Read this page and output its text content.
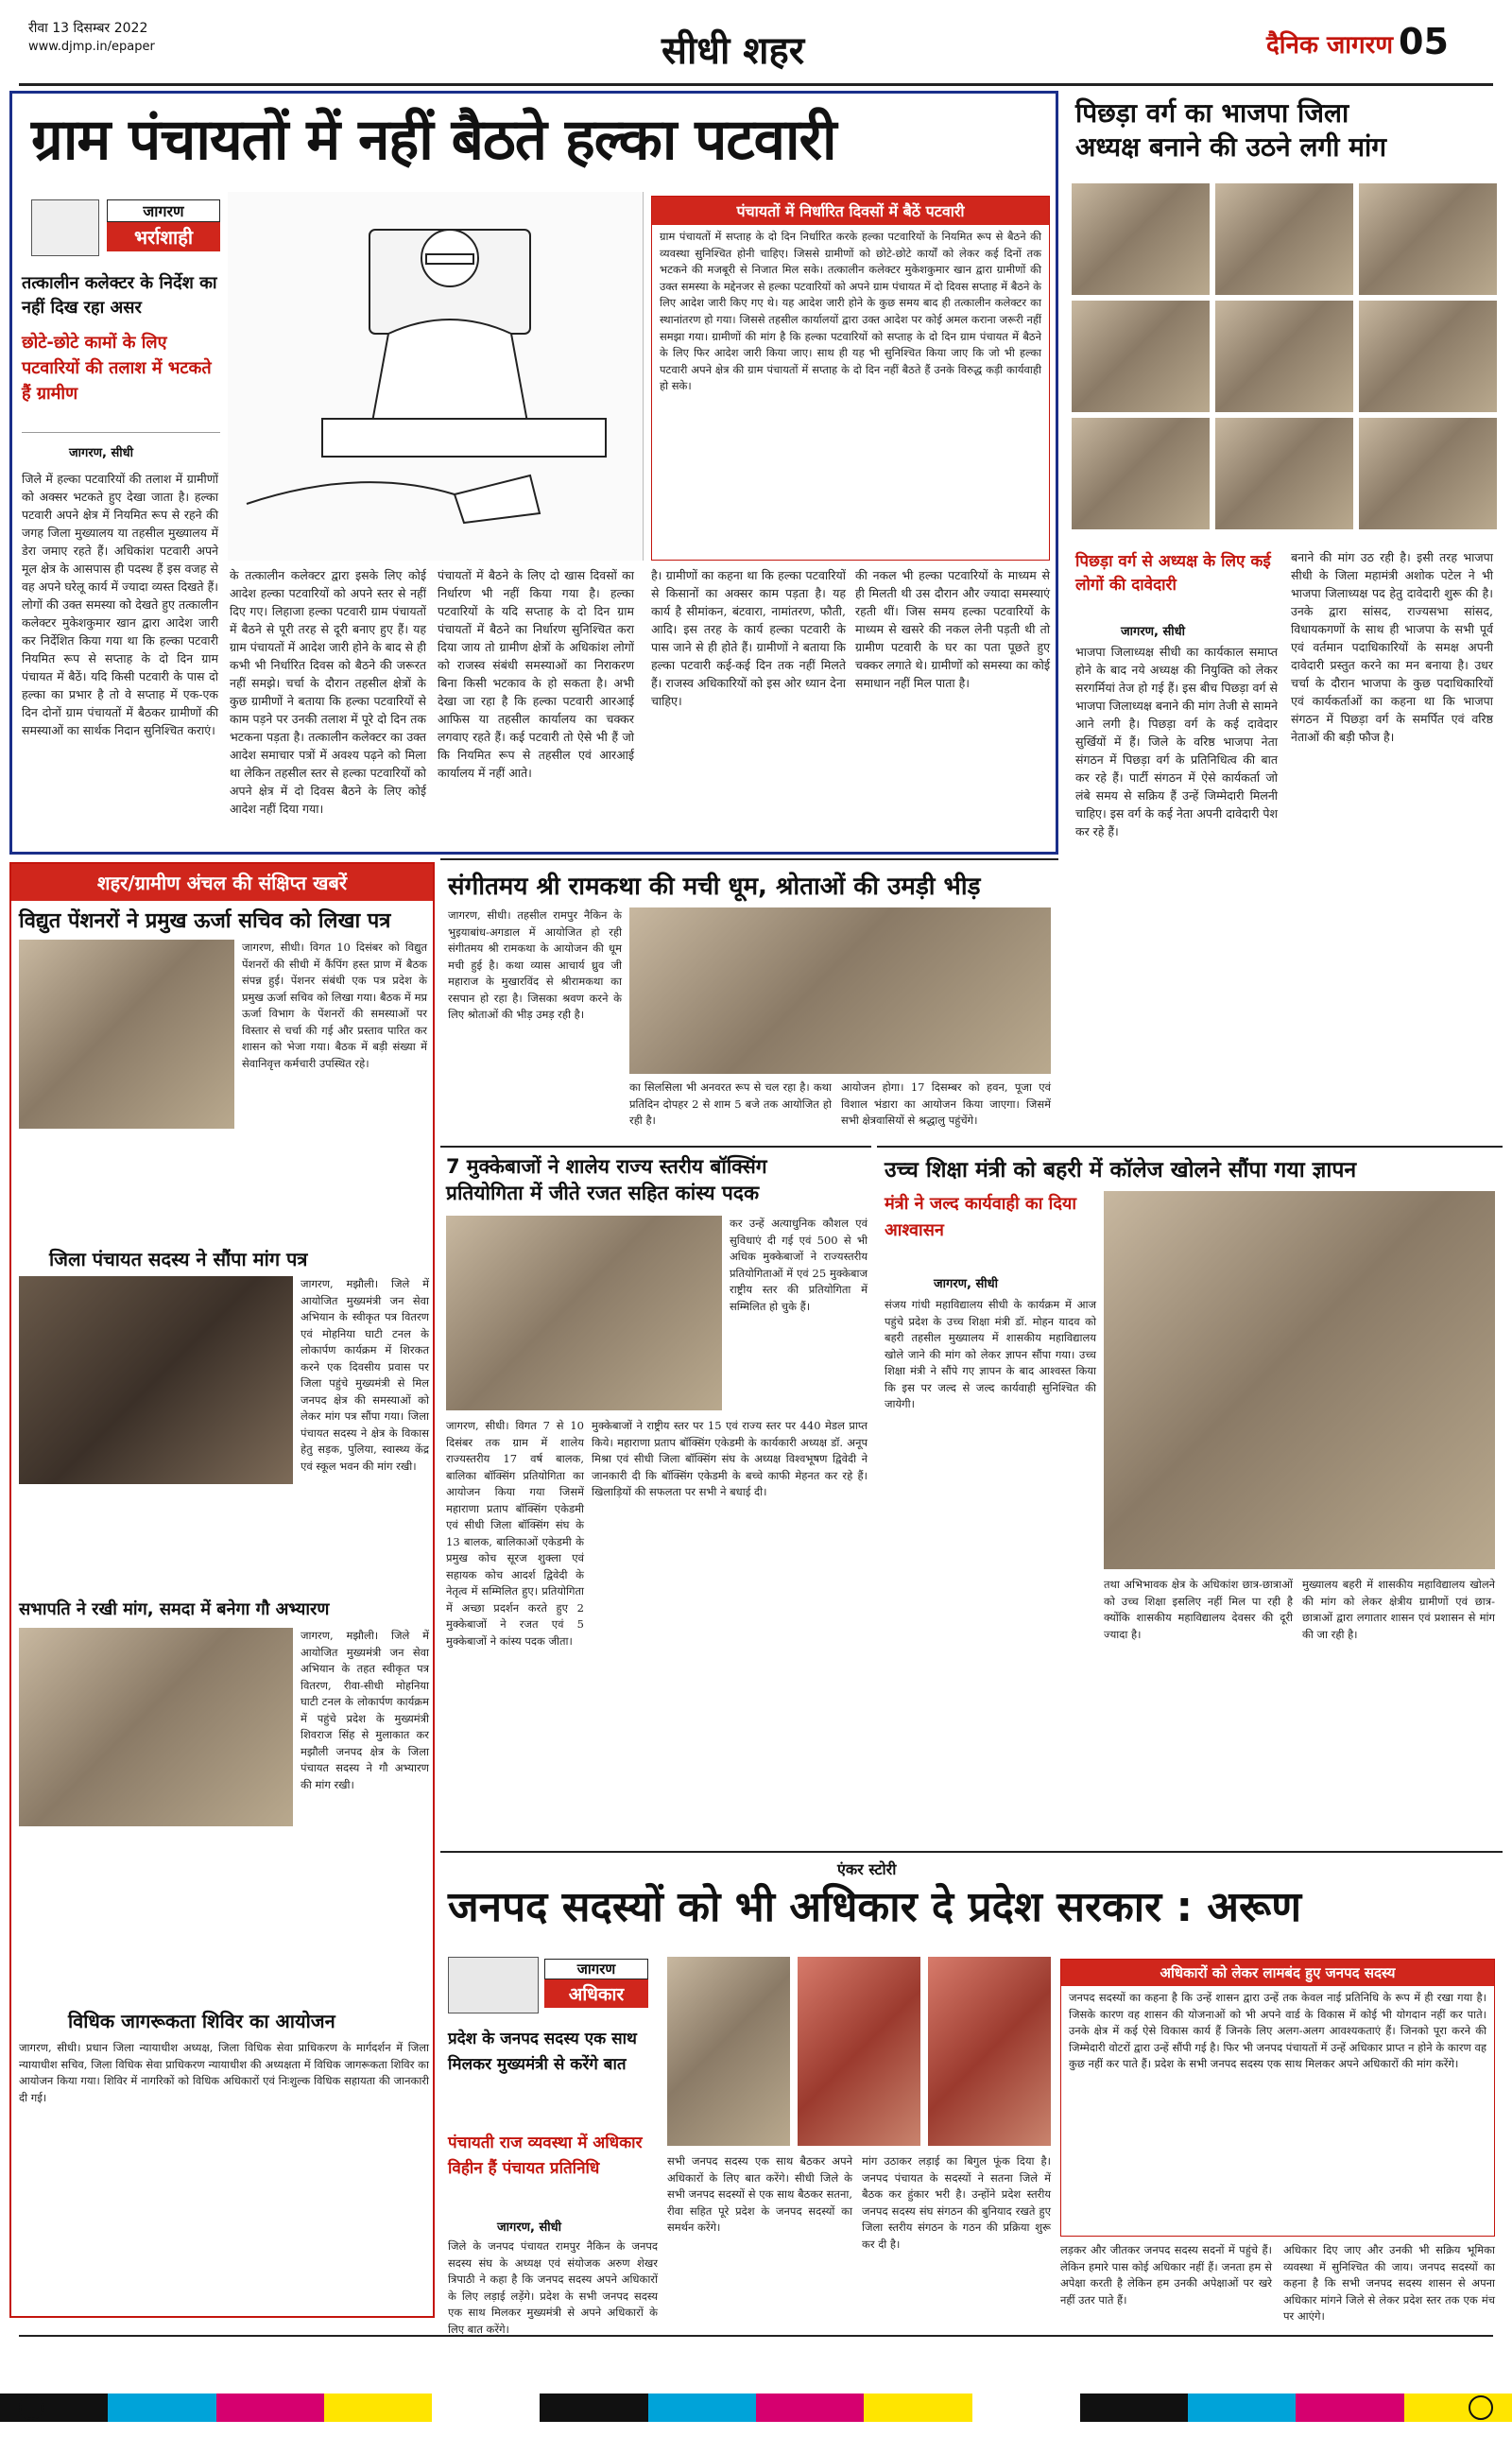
रीवा 13 दिसम्बर 2022
www.djmp.in/epaper	सीधी शहर	दैनिक जागरण 05
ग्राम पंचायतों में नहीं बैठते हल्का पटवारी
जागरण
भर्राशाही
तत्कालीन कलेक्टर के निर्देश का नहीं दिख रहा असर
छोटे-छोटे कामों के लिए पटवारियों की तलाश में भटकते हैं ग्रामीण
जागरण, सीधी
पंचायतों में निर्धारित दिवसों में बैठें पटवारी
ग्राम पंचायतों में सप्ताह के दो दिन निर्धारित करके हल्का पटवारियों के नियमित रूप से बैठने की व्यवस्था सुनिश्चित होनी चाहिए। जिससे ग्रामीणों को छोटे-छोटे कार्यों को लेकर कई दिनों तक भटकने की मजबूरी से निजात मिल सके। तत्कालीन कलेक्टर मुकेशकुमार खान द्वारा ग्रामीणों की उक्त समस्या के मद्देनजर से हल्का पटवारियों को अपने ग्राम पंचायत में दो दिवस सप्ताह में बैठने के लिए आदेश जारी किए गए थे। यह आदेश जारी होने के कुछ समय बाद ही तत्कालीन कलेक्टर का स्थानांतरण हो गया। जिससे तहसील कार्यालयों द्वारा उक्त आदेश पर कोई अमल कराना जरूरी नहीं समझा गया। ग्रामीणों की मांग है कि हल्का पटवारियों को सप्ताह के दो दिन ग्राम पंचायत में बैठने के लिए फिर आदेश जारी किया जाए। साथ ही यह भी सुनिश्चित किया जाए कि जो भी हल्का पटवारी अपने क्षेत्र की ग्राम पंचायतों में सप्ताह के दो दिन नहीं बैठते हैं उनके विरुद्ध कड़ी कार्यवाही हो सके।
जिले में हल्का पटवारियों की तलाश में ग्रामीणों को अक्सर भटकते हुए देखा जाता है। हल्का पटवारी अपने क्षेत्र में नियमित रूप से रहने की जगह जिला मुख्यालय या तहसील मुख्यालय में डेरा जमाए रहते हैं। अधिकांश पटवारी अपने मूल क्षेत्र के आसपास ही पदस्थ हैं इस वजह से वह अपने घरेलू कार्य में ज्यादा व्यस्त दिखते हैं। लोगों की उक्त समस्या को देखते हुए तत्कालीन कलेक्टर मुकेशकुमार खान द्वारा आदेश जारी कर निर्देशित किया गया था कि हल्का पटवारी नियमित रूप से सप्ताह के दो दिन ग्राम पंचायत में बैठें। यदि किसी पटवारी के पास दो हल्का का प्रभार है तो वे सप्ताह में एक-एक दिन दोनों ग्राम पंचायतों में बैठकर ग्रामीणों की समस्याओं का सार्थक निदान सुनिश्चित कराएं।
के तत्कालीन कलेक्टर द्वारा इसके लिए कोई आदेश हल्का पटवारियों को अपने स्तर से नहीं दिए गए। लिहाजा हल्का पटवारी ग्राम पंचायतों में बैठने से पूरी तरह से दूरी बनाए हुए हैं। यह ग्राम पंचायतों में आदेश जारी होने के बाद से ही कभी भी निर्धारित दिवस को बैठने की जरूरत नहीं समझे। चर्चा के दौरान तहसील क्षेत्रों के कुछ ग्रामीणों ने बताया कि हल्का पटवारियों से काम पड़ने पर उनकी तलाश में पूरे दो दिन तक भटकना पड़ता है। तत्कालीन कलेक्टर का उक्त आदेश समाचार पत्रों में अवश्य पढ़ने को मिला था लेकिन तहसील स्तर से हल्का पटवारियों को अपने क्षेत्र में दो दिवस बैठने के लिए कोई आदेश नहीं दिया गया।
पंचायतों में बैठने के लिए दो खास दिवसों का निर्धारण भी नहीं किया गया है। हल्का पटवारियों के यदि सप्ताह के दो दिन ग्राम पंचायतों में बैठने का निर्धारण सुनिश्चित करा दिया जाय तो ग्रामीण क्षेत्रों के अधिकांश लोगों को राजस्व संबंधी समस्याओं का निराकरण बिना किसी भटकाव के हो सकता है। अभी देखा जा रहा है कि हल्का पटवारी आरआई आफिस या तहसील कार्यालय का चक्कर लगवाए रहते हैं। कई पटवारी तो ऐसे भी हैं जो कि नियमित रूप से तहसील एवं आरआई कार्यालय में नहीं आते।
है। ग्रामीणों का कहना था कि हल्का पटवारियों से किसानों का अक्सर काम पड़ता है। यह कार्य है सीमांकन, बंटवारा, नामांतरण, फौती, आदि। इस तरह के कार्य हल्का पटवारी के पास जाने से ही होते हैं। ग्रामीणों ने बताया कि हल्का पटवारी कई-कई दिन तक नहीं मिलते हैं। राजस्व अधिकारियों को इस ओर ध्यान देना चाहिए।
की नकल भी हल्का पटवारियों के माध्यम से ही मिलती थी उस दौरान और ज्यादा समस्याएं रहती थीं। जिस समय हल्का पटवारियों के माध्यम से खसरे की नकल लेनी पड़ती थी तो ग्रामीण पटवारी के घर का पता पूछते हुए चक्कर लगाते थे। ग्रामीणों को समस्या का कोई समाधान नहीं मिल पाता है।
पिछड़ा वर्ग का भाजपा जिला
अध्यक्ष बनाने की उठने लगी मांग
पिछड़ा वर्ग से अध्यक्ष के लिए कई लोगों की दावेदारी
जागरण, सीधी
भाजपा जिलाध्यक्ष सीधी का कार्यकाल समाप्त होने के बाद नये अध्यक्ष की नियुक्ति को लेकर सरगर्मियां तेज हो गई हैं। इस बीच पिछड़ा वर्ग से भाजपा जिलाध्यक्ष बनाने की मांग तेजी से सामने आने लगी है। पिछड़ा वर्ग के कई दावेदार सुर्खियों में हैं। जिले के वरिष्ठ भाजपा नेता संगठन में पिछड़ा वर्ग के प्रतिनिधित्व की बात कर रहे हैं। पार्टी संगठन में ऐसे कार्यकर्ता जो लंबे समय से सक्रिय हैं उन्हें जिम्मेदारी मिलनी चाहिए। इस वर्ग के कई नेता अपनी दावेदारी पेश कर रहे हैं।
बनाने की मांग उठ रही है। इसी तरह भाजपा सीधी के जिला महामंत्री अशोक पटेल ने भी भाजपा जिलाध्यक्ष पद हेतु दावेदारी शुरू की है। उनके द्वारा सांसद, राज्यसभा सांसद, विधायकगणों के साथ ही भाजपा के सभी पूर्व एवं वर्तमान पदाधिकारियों के समक्ष अपनी दावेदारी प्रस्तुत करने का मन बनाया है। उधर चर्चा के दौरान भाजपा के कुछ पदाधिकारियों एवं कार्यकर्ताओं का कहना था कि भाजपा संगठन में पिछड़ा वर्ग के समर्पित एवं वरिष्ठ नेताओं की बड़ी फौज है।
शहर/ग्रामीण अंचल की संक्षिप्त खबरें
विद्युत पेंशनरों ने प्रमुख ऊर्जा सचिव को लिखा पत्र
जागरण, सीधी। विगत 10 दिसंबर को विद्युत पेंशनरों की सीधी में कैंपिंग हस्त प्राण में बैठक संपन्न हुई। पेंशनर संबंधी एक पत्र प्रदेश के प्रमुख ऊर्जा सचिव को लिखा गया। बैठक में मप्र ऊर्जा विभाग के पेंशनरों की समस्याओं पर विस्तार से चर्चा की गई और प्रस्ताव पारित कर शासन को भेजा गया। बैठक में बड़ी संख्या में सेवानिवृत्त कर्मचारी उपस्थित रहे।
जिला पंचायत सदस्य ने सौंपा मांग पत्र
जागरण, मझौली। जिले में आयोजित मुख्यमंत्री जन सेवा अभियान के स्वीकृत पत्र वितरण एवं मोहनिया घाटी टनल के लोकार्पण कार्यक्रम में शिरकत करने एक दिवसीय प्रवास पर जिला पहुंचे मुख्यमंत्री से मिल जनपद क्षेत्र की समस्याओं को लेकर मांग पत्र सौंपा गया। जिला पंचायत सदस्य ने क्षेत्र के विकास हेतु सड़क, पुलिया, स्वास्थ्य केंद्र एवं स्कूल भवन की मांग रखी।
सभापति ने रखी मांग, समदा में बनेगा गौ अभ्यारण
जागरण, मझौली। जिले में आयोजित मुख्यमंत्री जन सेवा अभियान के तहत स्वीकृत पत्र वितरण, रीवा-सीधी मोहनिया घाटी टनल के लोकार्पण कार्यक्रम में पहुंचे प्रदेश के मुख्यमंत्री शिवराज सिंह से मुलाकात कर मझौली जनपद क्षेत्र के जिला पंचायत सदस्य ने गौ अभ्यारण की मांग रखी।
विधिक जागरूकता शिविर का आयोजन
जागरण, सीधी। प्रधान जिला न्यायाधीश अध्यक्ष, जिला विधिक सेवा प्राधिकरण के मार्गदर्शन में जिला न्यायाधीश सचिव, जिला विधिक सेवा प्राधिकरण न्यायाधीश की अध्यक्षता में विधिक जागरूकता शिविर का आयोजन किया गया। शिविर में नागरिकों को विधिक अधिकारों एवं निःशुल्क विधिक सहायता की जानकारी दी गई।
संगीतमय श्री रामकथा की मची धूम, श्रोताओं की उमड़ी भीड़
जागरण, सीधी। तहसील रामपुर नैकिन के भुइयाबांध-अगडाल में आयोजित हो रही संगीतमय श्री रामकथा के आयोजन की धूम मची हुई है। कथा व्यास आचार्य ध्रुव जी महाराज के मुखारविंद से श्रीरामकथा का रसपान हो रहा है। जिसका श्रवण करने के लिए श्रोताओं की भीड़ उमड़ रही है।
का सिलसिला भी अनवरत रूप से चल रहा है। कथा प्रतिदिन दोपहर 2 से शाम 5 बजे तक आयोजित हो रही है।
आयोजन होगा। 17 दिसम्बर को हवन, पूजा एवं विशाल भंडारा का आयोजन किया जाएगा। जिसमें सभी क्षेत्रवासियों से श्रद्धालु पहुंचेंगे।
7 मुक्केबाजों ने शालेय राज्य स्तरीय बॉक्सिंग
प्रतियोगिता में जीते रजत सहित कांस्य पदक
कर उन्हें अत्याधुनिक कौशल एवं सुविधाएं दी गई एवं 500 से भी अधिक मुक्केबाजों ने राज्यस्तरीय प्रतियोगिताओं में एवं 25 मुक्केबाज राष्ट्रीय स्तर की प्रतियोगिता में सम्मिलित हो चुके हैं।
जागरण, सीधी। विगत 7 से 10 दिसंबर तक ग्राम में शालेय राज्यस्तरीय 17 वर्ष बालक, बालिका बॉक्सिंग प्रतियोगिता का आयोजन किया गया जिसमें महाराणा प्रताप बॉक्सिंग एकेडमी एवं सीधी जिला बॉक्सिंग संघ के 13 बालक, बालिकाओं एकेडमी के प्रमुख कोच सूरज शुक्ला एवं सहायक कोच आदर्श द्विवेदी के नेतृत्व में सम्मिलित हुए। प्रतियोगिता में अच्छा प्रदर्शन करते हुए 2 मुक्केबाजों ने रजत एवं 5 मुक्केबाजों ने कांस्य पदक जीता।
मुक्केबाजों ने राष्ट्रीय स्तर पर 15 एवं राज्य स्तर पर 440 मेडल प्राप्त किये। महाराणा प्रताप बॉक्सिंग एकेडमी के कार्यकारी अध्यक्ष डॉ. अनूप मिश्रा एवं सीधी जिला बॉक्सिंग संघ के अध्यक्ष विश्वभूषण द्विवेदी ने जानकारी दी कि बॉक्सिंग एकेडमी के बच्चे काफी मेहनत कर रहे हैं। खिलाड़ियों की सफलता पर सभी ने बधाई दी।
उच्च शिक्षा मंत्री को बहरी में कॉलेज खोलने सौंपा गया ज्ञापन
मंत्री ने जल्द कार्यवाही का दिया आश्वासन
जागरण, सीधी
संजय गांधी महाविद्यालय सीधी के कार्यक्रम में आज पहुंचे प्रदेश के उच्च शिक्षा मंत्री डॉ. मोहन यादव को बहरी तहसील मुख्यालय में शासकीय महाविद्यालय खोले जाने की मांग को लेकर ज्ञापन सौंपा गया। उच्च शिक्षा मंत्री ने सौंपे गए ज्ञापन के बाद आश्वस्त किया कि इस पर जल्द से जल्द कार्यवाही सुनिश्चित की जायेगी।
तथा अभिभावक क्षेत्र के अधिकांश छात्र-छात्राओं को उच्च शिक्षा इसलिए नहीं मिल पा रही है क्योंकि शासकीय महाविद्यालय देवसर की दूरी ज्यादा है।
मुख्यालय बहरी में शासकीय महाविद्यालय खोलने की मांग को लेकर क्षेत्रीय ग्रामीणों एवं छात्र-छात्राओं द्वारा लगातार शासन एवं प्रशासन से मांग की जा रही है।
एंकर स्टोरी
जनपद सदस्यों को भी अधिकार दे प्रदेश सरकार : अरूण
जागरण
अधिकार
प्रदेश के जनपद सदस्य एक साथ मिलकर मुख्यमंत्री से करेंगे बात
पंचायती राज व्यवस्था में अधिकार विहीन हैं पंचायत प्रतिनिधि
जागरण, सीधी
जिले के जनपद पंचायत रामपुर नैकिन के जनपद सदस्य संघ के अध्यक्ष एवं संयोजक अरुण शेखर त्रिपाठी ने कहा है कि जनपद सदस्य अपने अधिकारों के लिए लड़ाई लड़ेंगे। प्रदेश के सभी जनपद सदस्य एक साथ मिलकर मुख्यमंत्री से अपने अधिकारों के लिए बात करेंगे।
सभी जनपद सदस्य एक साथ बैठकर अपने अधिकारों के लिए बात करेंगे। सीधी जिले के सभी जनपद सदस्यों से एक साथ बैठकर सतना, रीवा सहित पूरे प्रदेश के जनपद सदस्यों का समर्थन करेंगे।
मांग उठाकर लड़ाई का बिगुल फूंक दिया है। जनपद पंचायत के सदस्यों ने सतना जिले में बैठक कर हुंकार भरी है। उन्होंने प्रदेश स्तरीय जनपद सदस्य संघ संगठन की बुनियाद रखते हुए जिला स्तरीय संगठन के गठन की प्रक्रिया शुरू कर दी है।
अधिकारों को लेकर लामबंद हुए जनपद सदस्य
जनपद सदस्यों का कहना है कि उन्हें शासन द्वारा उन्हें तक केवल नाई प्रतिनिधि के रूप में ही रखा गया है। जिसके कारण वह शासन की योजनाओं को भी अपने वार्ड के विकास में कोई भी योगदान नहीं कर पाते। उनके क्षेत्र में कई ऐसे विकास कार्य हैं जिनके लिए अलग-अलग आवश्यकताएं हैं। जिनको पूरा करने की जिम्मेदारी वोटरों द्वारा उन्हें सौंपी गई है। फिर भी जनपद पंचायतों में उन्हें अधिकार प्राप्त न होने के कारण वह कुछ नहीं कर पाते हैं। प्रदेश के सभी जनपद सदस्य एक साथ मिलकर अपने अधिकारों की मांग करेंगे।
लड़कर और जीतकर जनपद सदस्य सदनों में पहुंचे हैं। लेकिन हमारे पास कोई अधिकार नहीं हैं। जनता हम से अपेक्षा करती है लेकिन हम उनकी अपेक्षाओं पर खरे नहीं उतर पाते हैं।
अधिकार दिए जाए और उनकी भी सक्रिय भूमिका व्यवस्था में सुनिश्चित की जाय। जनपद सदस्यों का कहना है कि सभी जनपद सदस्य शासन से अपना अधिकार मांगने जिले से लेकर प्रदेश स्तर तक एक मंच पर आएंगे।
